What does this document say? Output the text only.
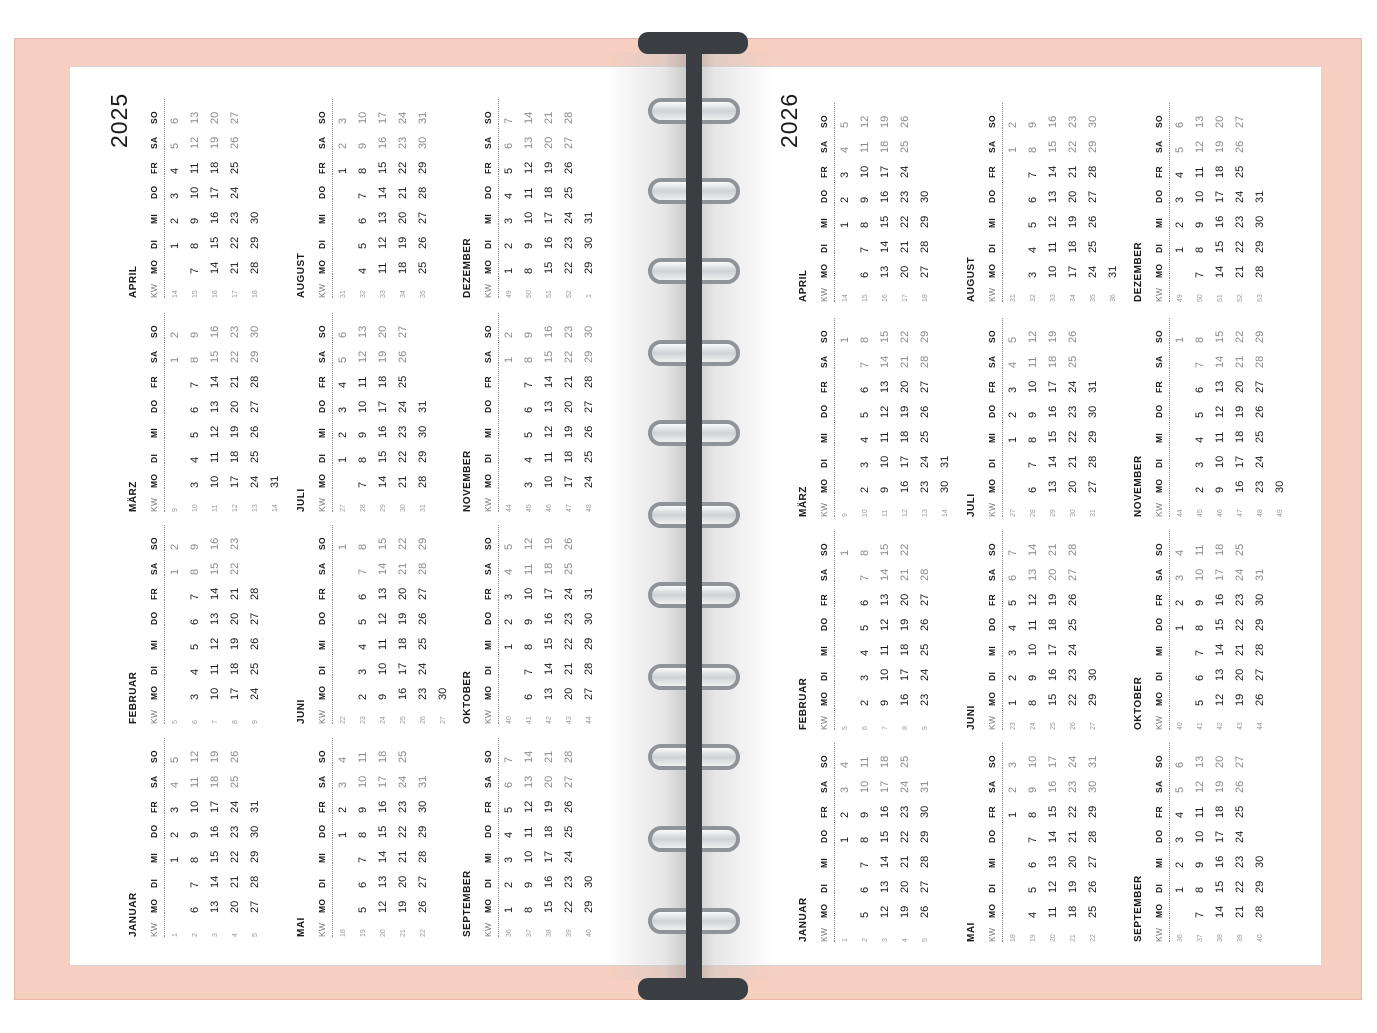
2025	2026
JANUAR KW	MO	DI	MI	DO	FR	SA	SO
1			1	2	3	4	5
2	6	7	8	9	10	11	12
3	13	14	15	16	17	18	19
4	20	21	22	23	24	25	26
5	27	28	29	30	31		
FEBRUAR KW	MO	DI	MI	DO	FR	SA	SO
5						1	2
6	3	4	5	6	7	8	9
7	10	11	12	13	14	15	16
8	17	18	19	20	21	22	23
9	24	25	26	27	28		
MÄRZ KW	MO	DI	MI	DO	FR	SA	SO
9						1	2
10	3	4	5	6	7	8	9
11	10	11	12	13	14	15	16
12	17	18	19	20	21	22	23
13	24	25	26	27	28	29	30
14	31						
APRIL KW	MO	DI	MI	DO	FR	SA	SO
14		1	2	3	4	5	6
15	7	8	9	10	11	12	13
16	14	15	16	17	18	19	20
17	21	22	23	24	25	26	27
18	28	29	30				
MAI KW	MO	DI	MI	DO	FR	SA	SO
18				1	2	3	4
19	5	6	7	8	9	10	11
20	12	13	14	15	16	17	18
21	19	20	21	22	23	24	25
22	26	27	28	29	30	31	
JUNI KW	MO	DI	MI	DO	FR	SA	SO
22							1
23	2	3	4	5	6	7	8
24	9	10	11	12	13	14	15
25	16	17	18	19	20	21	22
26	23	24	25	26	27	28	29
27	30						
JULI KW	MO	DI	MI	DO	FR	SA	SO
27		1	2	3	4	5	6
28	7	8	9	10	11	12	13
29	14	15	16	17	18	19	20
30	21	22	23	24	25	26	27
31	28	29	30	31			
AUGUST KW	MO	DI	MI	DO	FR	SA	SO
31					1	2	3
32	4	5	6	7	8	9	10
33	11	12	13	14	15	16	17
34	18	19	20	21	22	23	24
35	25	26	27	28	29	30	31
SEPTEMBER KW	MO	DI	MI	DO	FR	SA	SO
36	1	2	3	4	5	6	7
37	8	9	10	11	12	13	14
38	15	16	17	18	19	20	21
39	22	23	24	25	26	27	28
40	29	30					
OKTOBER KW	MO	DI	MI	DO	FR	SA	SO
40			1	2	3	4	5
41	6	7	8	9	10	11	12
42	13	14	15	16	17	18	19
43	20	21	22	23	24	25	26
44	27	28	29	30	31		
NOVEMBER KW	MO	DI	MI	DO	FR	SA	SO
44						1	2
45	3	4	5	6	7	8	9
46	10	11	12	13	14	15	16
47	17	18	19	20	21	22	23
48	24	25	26	27	28	29	30
DEZEMBER KW	MO	DI	MI	DO	FR	SA	SO
49	1	2	3	4	5	6	7
50	8	9	10	11	12	13	14
51	15	16	17	18	19	20	21
52	22	23	24	25	26	27	28
1	29	30	31				
JANUAR KW	MO	DI	MI	DO	FR	SA	SO
1				1	2	3	4
2	5	6	7	8	9	10	11
3	12	13	14	15	16	17	18
4	19	20	21	22	23	24	25
5	26	27	28	29	30	31	
FEBRUAR KW	MO	DI	MI	DO	FR	SA	SO
5							1
6	2	3	4	5	6	7	8
7	9	10	11	12	13	14	15
8	16	17	18	19	20	21	22
9	23	24	25	26	27	28	
MÄRZ KW	MO	DI	MI	DO	FR	SA	SO
9							1
10	2	3	4	5	6	7	8
11	9	10	11	12	13	14	15
12	16	17	18	19	20	21	22
13	23	24	25	26	27	28	29
14	30	31					
APRIL KW	MO	DI	MI	DO	FR	SA	SO
14			1	2	3	4	5
15	6	7	8	9	10	11	12
16	13	14	15	16	17	18	19
17	20	21	22	23	24	25	26
18	27	28	29	30			
MAI KW	MO	DI	MI	DO	FR	SA	SO
18					1	2	3
19	4	5	6	7	8	9	10
20	11	12	13	14	15	16	17
21	18	19	20	21	22	23	24
22	25	26	27	28	29	30	31
JUNI KW	MO	DI	MI	DO	FR	SA	SO
23	1	2	3	4	5	6	7
24	8	9	10	11	12	13	14
25	15	16	17	18	19	20	21
26	22	23	24	25	26	27	28
27	29	30					
JULI KW	MO	DI	MI	DO	FR	SA	SO
27			1	2	3	4	5
28	6	7	8	9	10	11	12
29	13	14	15	16	17	18	19
30	20	21	22	23	24	25	26
31	27	28	29	30	31		
AUGUST KW	MO	DI	MI	DO	FR	SA	SO
31						1	2
32	3	4	5	6	7	8	9
33	10	11	12	13	14	15	16
34	17	18	19	20	21	22	23
35	24	25	26	27	28	29	30
36	31						
SEPTEMBER KW	MO	DI	MI	DO	FR	SA	SO
36		1	2	3	4	5	6
37	7	8	9	10	11	12	13
38	14	15	16	17	18	19	20
39	21	22	23	24	25	26	27
40	28	29	30				
OKTOBER KW	MO	DI	MI	DO	FR	SA	SO
40				1	2	3	4
41	5	6	7	8	9	10	11
42	12	13	14	15	16	17	18
43	19	20	21	22	23	24	25
44	26	27	28	29	30	31	
NOVEMBER KW	MO	DI	MI	DO	FR	SA	SO
44							1
45	2	3	4	5	6	7	8
46	9	10	11	12	13	14	15
47	16	17	18	19	20	21	22
48	23	24	25	26	27	28	29
49	30						
DEZEMBER KW	MO	DI	MI	DO	FR	SA	SO
49		1	2	3	4	5	6
50	7	8	9	10	11	12	13
51	14	15	16	17	18	19	20
52	21	22	23	24	25	26	27
53	28	29	30	31			
